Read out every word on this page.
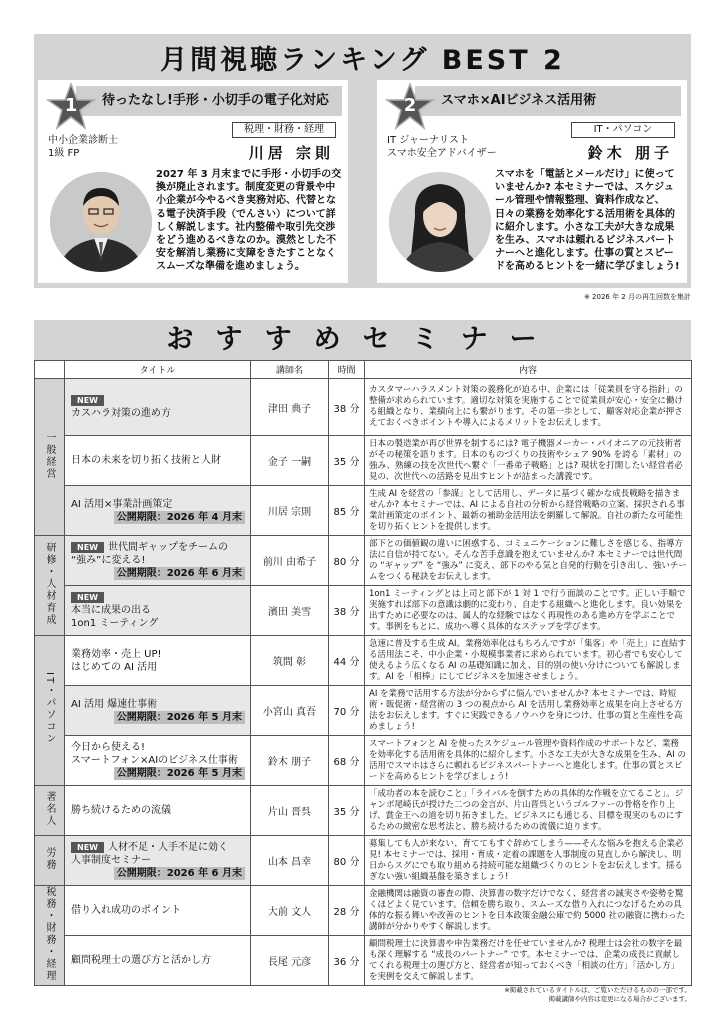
月間視聴ランキング BEST 2
待ったなし!手形・小切手の電子化対応
1
税理・財務・経理
中小企業診断士
1級 FP	川居 宗則
2027 年 3 月末までに手形・小切手の交換が廃止されます。制度変更の背景や中小企業が今やるべき実務対応、代替となる電子決済手段（でんさい）について詳しく解説します。社内整備や取引先交渉をどう進めるべきなのか。漠然とした不安を解消し業務に支障をきたすことなくスムーズな準備を進めましょう。
スマホ×AIビジネス活用術
2
IT・パソコン
IT ジャーナリスト
スマホ安全アドバイザー	鈴木 朋子
スマホを「電話とメールだけ」に使っていませんか? 本セミナーでは、スケジュール管理や情報整理、資料作成など、日々の業務を効率化する活用術を具体的に紹介します。小さな工夫が大きな成果を生み、スマホは頼れるビジネスパートナーへと進化します。仕事の質とスピードを高めるヒントを一緒に学びましょう!
※ 2026 年 2 月の再生回数を集計
おすすめセミナー
	タイトル	講師名	時間	内容
一般経営	NEW
カスハラ対策の進め方	津田 典子	38 分	カスタマーハラスメント対策の義務化が迫る中、企業には「従業員を守る指針」の整備が求められています。適切な対策を実施することで従業員が安心・安全に働ける組織となり、業績向上にも繋がります。その第一歩として、顧客対応企業が押さえておくべきポイントや導入によるメリットをお伝えします。

	日本の未来を切り拓く技術と人財	金子 一嗣	35 分	日本の製造業が再び世界を制するには? 電子機器メーカー・パイオニアの元技術者がその秘策を語ります。日本のものづくりの技術やシェア 90% を誇る「素材」の強み、熟練の技を次世代へ繋ぐ「一番弟子戦略」とは? 現状を打開したい経営者必見の、次世代への活路を見出すヒントが詰まった講義です。

	AI 活用×事業計画策定
公開期限：2026 年 4 月末	川居 宗則	85 分	生成 AI を経営の「参謀」として活用し、データに基づく確かな成長戦略を描きませんか? 本セミナーでは、AI による自社の分析から経営戦略の立案、採択される事業計画策定のポイント、最新の補助金活用法を網羅して解説。自社の新たな可能性を切り拓くヒントを提供します。
研修・人材育成	NEW 世代間ギャップをチームの
“強み”に変える!
公開期限：2026 年 6 月末	前川 由希子	80 分	部下との価値観の違いに困惑する、コミュニケーションに難しさを感じる、指導方法に自信が持てない。そんな苦手意識を抱えていませんか? 本セミナーでは世代間の “ギャップ” を “強み” に変え、部下のやる気と自発的行動を引き出し、強いチームをつくる秘訣をお伝えします。
	NEW
本当に成果の出る
1on1 ミーティング	濱田 美雪	38 分	1on1 ミーティングとは上司と部下が 1 対 1 で行う面談のことです。正しい手順で実施すれば部下の意識は劇的に変わり、自走する組織へと進化します。良い効果を出すために必要なのは、属人的な経験ではなく再現性のある進め方を学ぶことです。事例をもとに、成功へ導く具体的なステップを学びます。
IT・パソコン	業務効率・売上 UP!
はじめての AI 活用	筑間 彰	44 分	急速に普及する生成 AI。業務効率化はもちろんですが「集客」や「売上」に直結する活用法こそ、中小企業・小規模事業者に求められています。初心者でも安心して使えるよう広くなる AI の基礎知識に加え、目的別の使い分けについても解説します。AI を「相棒」にしてビジネスを加速させましょう。

	AI 活用 爆速仕事術
公開期限：2026 年 5 月末	小宮山 真吾	70 分	AI を業務で活用する方法が分からずに悩んでいませんか? 本セミナーでは、時短術・販促術・経営術の 3 つの視点から AI を活用し業務効率と成果を向上させる方法をお伝えします。すぐに実践できるノウハウを身につけ、仕事の質と生産性を高めましょう!

	今日から使える!
スマートフォン×AIのビジネス仕事術
公開期限：2026 年 5 月末	鈴木 朋子	68 分	スマートフォンと AI を使ったスケジュール管理や資料作成のサポートなど、業務を効率化する活用術を具体的に紹介します。小さな工夫が大きな成果を生み、AI の活用でスマホはさらに頼れるビジネスパートナーへと進化します。仕事の質とスピードを高めるヒントを学びましょう!
著名人	勝ち続けるための流儀	片山 晋呉	35 分	「成功者の本を読むこと」「ライバルを倒すための具体的な作戦を立てること」。ジャンボ尾崎氏が授けた二つの金言が、片山晋呉というゴルファーの骨格を作り上げ、賞金王への道を切り拓きました。ビジネスにも通じる、目標を現実のものにするための緻密な思考法と、勝ち続けるための流儀に迫ります。
労務	NEW 人材不足・人手不足に効く
人事制度セミナー
公開期限：2026 年 6 月末	山本 昌幸	80 分	募集しても人が来ない、育ててもすぐ辞めてしまう——そんな悩みを抱える企業必見! 本セミナーでは、採用・育成・定着の課題を人事制度の見直しから解決し、明日からスグにでも取り組める持続可能な組織づくりのヒントをお伝えします。揺るぎない強い組織基盤を築きましょう!
税務・財務・経理	借り入れ成功のポイント	大前 文人	28 分	金融機関は融資の審査の際、決算書の数字だけでなく、経営者の誠実さや姿勢を驚くほどよく見ています。信頼を勝ち取り、スムーズな借り入れにつなげるための具体的な振る舞いや改善のヒントを日本政策金融公庫で約 5000 社の融資に携わった講師が分かりやすく解説します。

	顧問税理士の選び方と活かし方	長尾 元彦	36 分	顧問税理士に決算書や申告業務だけを任せていませんか? 税理士は会社の数字を最も深く理解する “成長のパートナー” です。本セミナーでは、企業の成長に貢献してくれる税理士の選び方と、経営者が知っておくべき「相談の仕方」「活かし方」を実例を交えて解説します。
※掲載されているタイトルは、ご覧いただけるものの一部です。
掲載講師や内容は変更になる場合がございます。
